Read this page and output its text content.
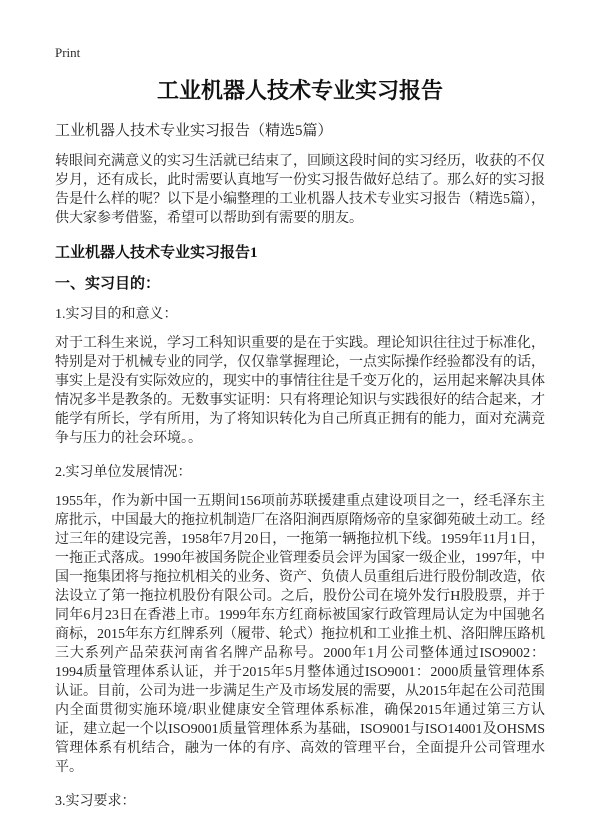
Print
工业机器人技术专业实习报告
工业机器人技术专业实习报告（精选5篇）

转眼间充满意义的实习生活就已结束了，回顾这段时间的实习经历，收获的不仅岁月，还有成长，此时需要认真地写一份实习报告做好总结了。那么好的实习报告是什么样的呢？以下是小编整理的工业机器人技术专业实习报告（精选5篇），供大家参考借鉴，希望可以帮助到有需要的朋友。

工业机器人技术专业实习报告1
一、实习目的：
1.实习目的和意义：

对于工科生来说，学习工科知识重要的是在于实践。理论知识往往过于标准化，特别是对于机械专业的同学，仅仅靠掌握理论，一点实际操作经验都没有的话，事实上是没有实际效应的，现实中的事情往往是千变万化的，运用起来解决具体情况多半是教条的。无数事实证明：只有将理论知识与实践很好的结合起来，才能学有所长，学有所用，为了将知识转化为自己所真正拥有的能力，面对充满竞争与压力的社会环境。。

2.实习单位发展情况：

1955年，作为新中国一五期间156项前苏联援建重点建设项目之一，经毛泽东主席批示，中国最大的拖拉机制造厂在洛阳涧西原隋炀帝的皇家御苑破土动工。经过三年的建设完善，1958年7月20日，一拖第一辆拖拉机下线。1959年11月1日，一拖正式落成。1990年被国务院企业管理委员会评为国家一级企业，1997年，中国一拖集团将与拖拉机相关的业务、资产、负债人员重组后进行股份制改造，依法设立了第一拖拉机股份有限公司。之后，股份公司在境外发行H股股票，并于同年6月23日在香港上市。1999年东方红商标被国家行政管理局认定为中国驰名商标，2015年东方红牌系列（履带、轮式）拖拉机和工业推土机、洛阳牌压路机三大系列产品荣获河南省名牌产品称号。2000年1月公司整体通过ISO9002：1994质量管理体系认证，并于2015年5月整体通过ISO9001：2000质量管理体系认证。目前，公司为进一步满足生产及市场发展的需要，从2015年起在公司范围内全面贯彻实施环境/职业健康安全管理体系标准，确保2015年通过第三方认证，建立起一个以ISO9001质量管理体系为基础，ISO9001与ISO14001及OHSMS管理体系有机结合，融为一体的有序、高效的管理平台，全面提升公司管理水平。

3.实习要求：
